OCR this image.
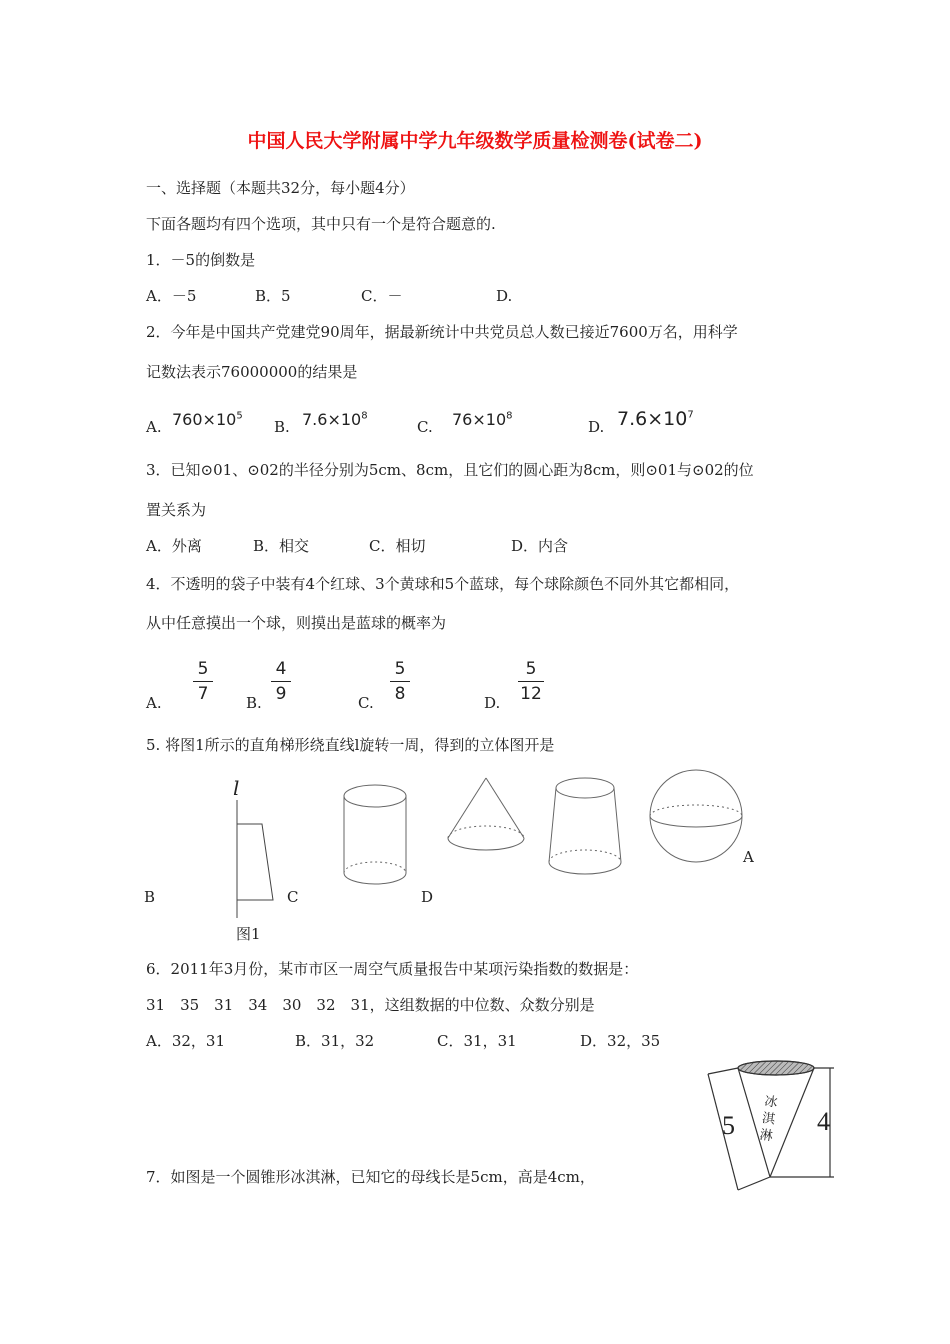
中国人民大学附属中学九年级数学质量检测卷(试卷二)
一、选择题（本题共32分，每小题4分）
下面各题均有四个选项，其中只有一个是符合题意的.
1．－5的倒数是
A．－5	B．5	C．－	D.
2．今年是中国共产党建党90周年，据最新统计中共党员总人数已接近7600万名，用科学
记数法表示76000000的结果是
A. $760\times 10^5$
B. $7.6\times 10^8$
C. $76\times 10^8$
D. $7.6\times 10^7$
3．已知⊙01、⊙02的半径分别为5cm、8cm，且它们的圆心距为8cm，则⊙01与⊙02的位
置关系为
A．外离	B．相交	C．相切	D．内含
4．不透明的袋子中装有4个红球、3个黄球和5个蓝球，每个球除颜色不同外其它都相同，
从中任意摸出一个球，则摸出是蓝球的概率为
A.
5
7	B.
4
9	C.
5
8	D.
5
12
5. 将图1所示的直角梯形绕直线l旋转一周，得到的立体图开是
l
B	C	D
A
图1
6．2011年3月份，某市市区一周空气质量报告中某项污染指数的数据是：
31　35　31　34　30　32　31，这组数据的中位数、众数分别是
A．32，31	B．31，32	C．31，31	D．32，35
7．如图是一个圆锥形冰淇淋，已知它的母线长是5cm，高是4cm，
5	4
冰淇淋
